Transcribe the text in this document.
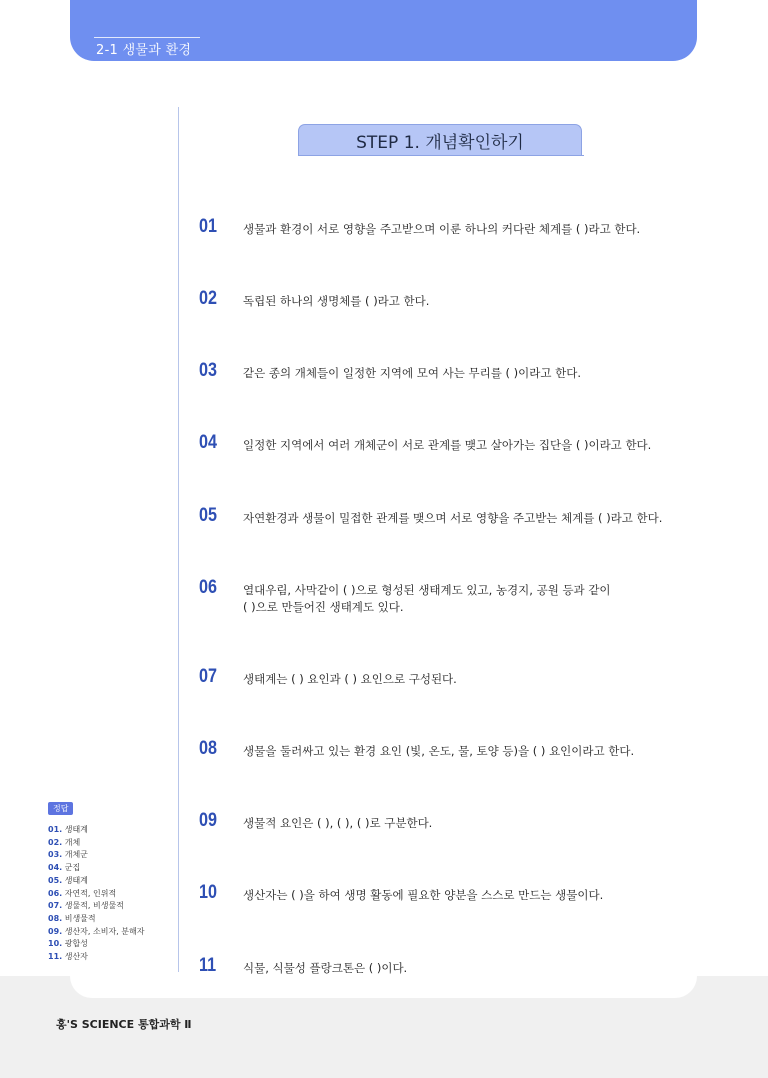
2-1 생물과 환경
STEP 1. 개념확인하기
01 생물과 환경이 서로 영향을 주고받으며 이룬 하나의 커다란 체계를 ( )라고 한다.
02 독립된 하나의 생명체를 ( )라고 한다.
03 같은 종의 개체들이 일정한 지역에 모여 사는 무리를 ( )이라고 한다.
04 일정한 지역에서 여러 개체군이 서로 관계를 맺고 살아가는 집단을 ( )이라고 한다.
05 자연환경과 생물이 밀접한 관계를 맺으며 서로 영향을 주고받는 체계를 ( )라고 한다.
06 열대우림, 사막같이 ( )으로 형성된 생태계도 있고, 농경지, 공원 등과 같이
( )으로 만들어진 생태계도 있다.
07 생태계는 ( ) 요인과 ( ) 요인으로 구성된다.
08 생물을 둘러싸고 있는 환경 요인 (빛, 온도, 물, 토양 등)을 ( ) 요인이라고 한다.
09 생물적 요인은 ( ), ( ), ( )로 구분한다.
10 생산자는 ( )을 하여 생명 활동에 필요한 양분을 스스로 만드는 생물이다.
11 식물, 식물성 플랑크톤은 ( )이다.
정답
01. 생태계
02. 개체
03. 개체군
04. 군집
05. 생태계
06. 자연적, 인위적
07. 생물적, 비생물적
08. 비생물적
09. 생산자, 소비자, 분해자
10. 광합성
11. 생산자
홍'S SCIENCE 통합과학 Ⅱ
